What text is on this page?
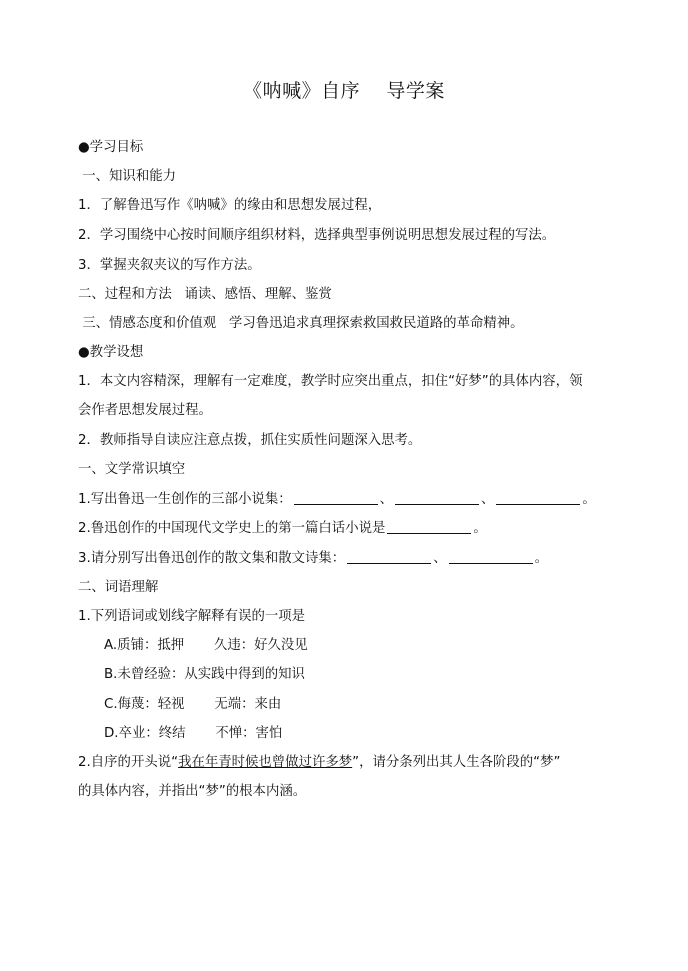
《呐喊》自序    导学案
●学习目标
一、知识和能力
1．了解鲁迅写作《呐喊》的缘由和思想发展过程，
2．学习围绕中心按时间顺序组织材料，选择典型事例说明思想发展过程的写法。
3．掌握夹叙夹议的写作方法。
二、过程和方法   诵读、感悟、理解、鉴赏
三、情感态度和价值观   学习鲁迅追求真理探索救国救民道路的革命精神。
●教学设想
1．本文内容精深，理解有一定难度，教学时应突出重点，扣住“好梦”的具体内容，领
会作者思想发展过程。
2．教师指导自读应注意点拨，抓住实质性问题深入思考。
一、文学常识填空
1.写出鲁迅一生创作的三部小说集：	、	、	。
2.鲁迅创作的中国现代文学史上的第一篇白话小说是	。
3.请分别写出鲁迅创作的散文集和散文诗集：	、	。
二、词语理解
1.下列语词或划线字解释有误的一项是
A.质铺：抵押       久违：好久没见
B.未曾经验：从实践中得到的知识
C.侮蔑：轻视       无端：来由
D.卒业：终结       不惮：害怕
2.自序的开头说“我在年青时候也曾做过许多梦”，请分条列出其人生各阶段的“梦”
的具体内容，并指出“梦”的根本内涵。
